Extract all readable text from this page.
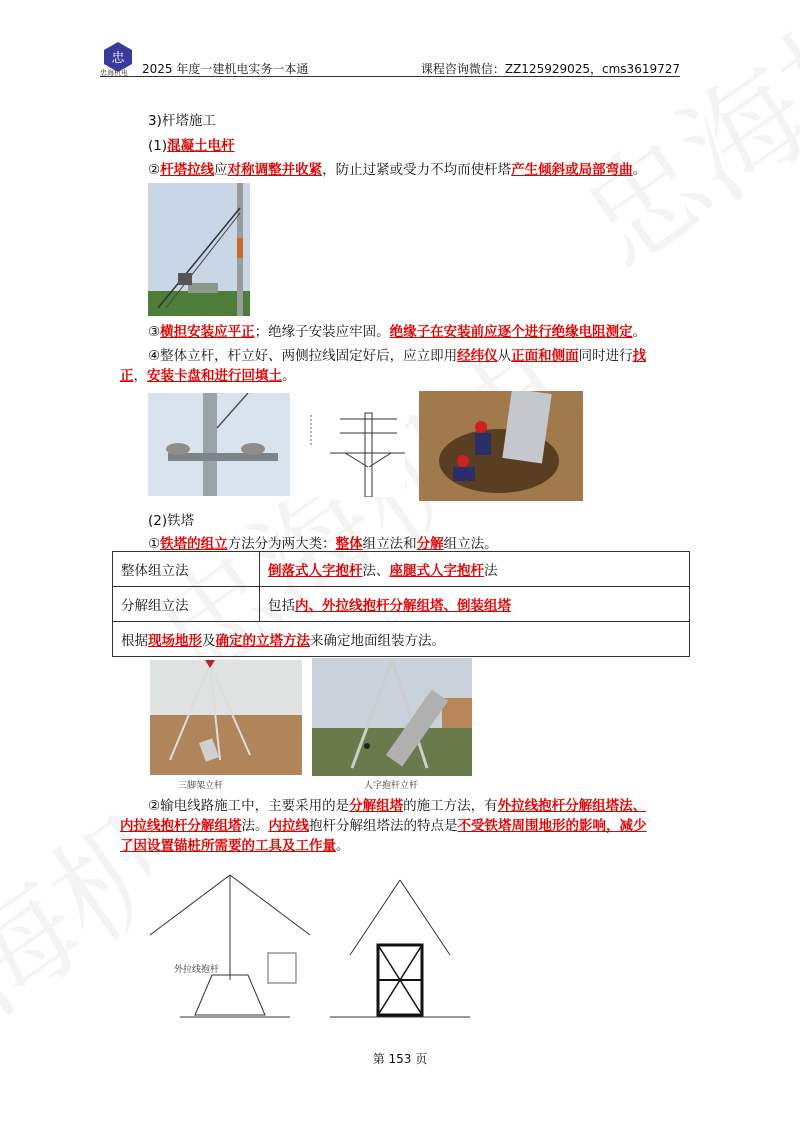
忠
忠海机电 2025 年度一建机电实务一本通	课程咨询微信：ZZ125929025，cms3619727
3)杆塔施工
(1)混凝土电杆
②杆塔拉线应对称调整并收紧，防止过紧或受力不均而使杆塔产生倾斜或局部弯曲。
③横担安装应平正；绝缘子安装应牢固。绝缘子在安装前应逐个进行绝缘电阻测定。
④整体立杆，杆立好、两侧拉线固定好后，应立即用经纬仪从正面和侧面同时进行找正，安装卡盘和进行回填土。
(2)铁塔
①铁塔的组立方法分为两大类：整体组立法和分解组立法。
整体组立法	倒落式人字抱杆法、座腿式人字抱杆法
分解组立法	包括内、外拉线抱杆分解组塔、倒装组塔
根据现场地形及确定的立塔方法来确定地面组装方法。	
三脚架立杆	人字抱杆立杆
②输电线路施工中，主要采用的是分解组塔的施工方法，有外拉线抱杆分解组塔法、内拉线抱杆分解组塔法。内拉线抱杆分解组塔法的特点是不受铁塔周围地形的影响，减少了因设置锚桩所需要的工具及工作量。
外拉线抱杆
第 153 页
